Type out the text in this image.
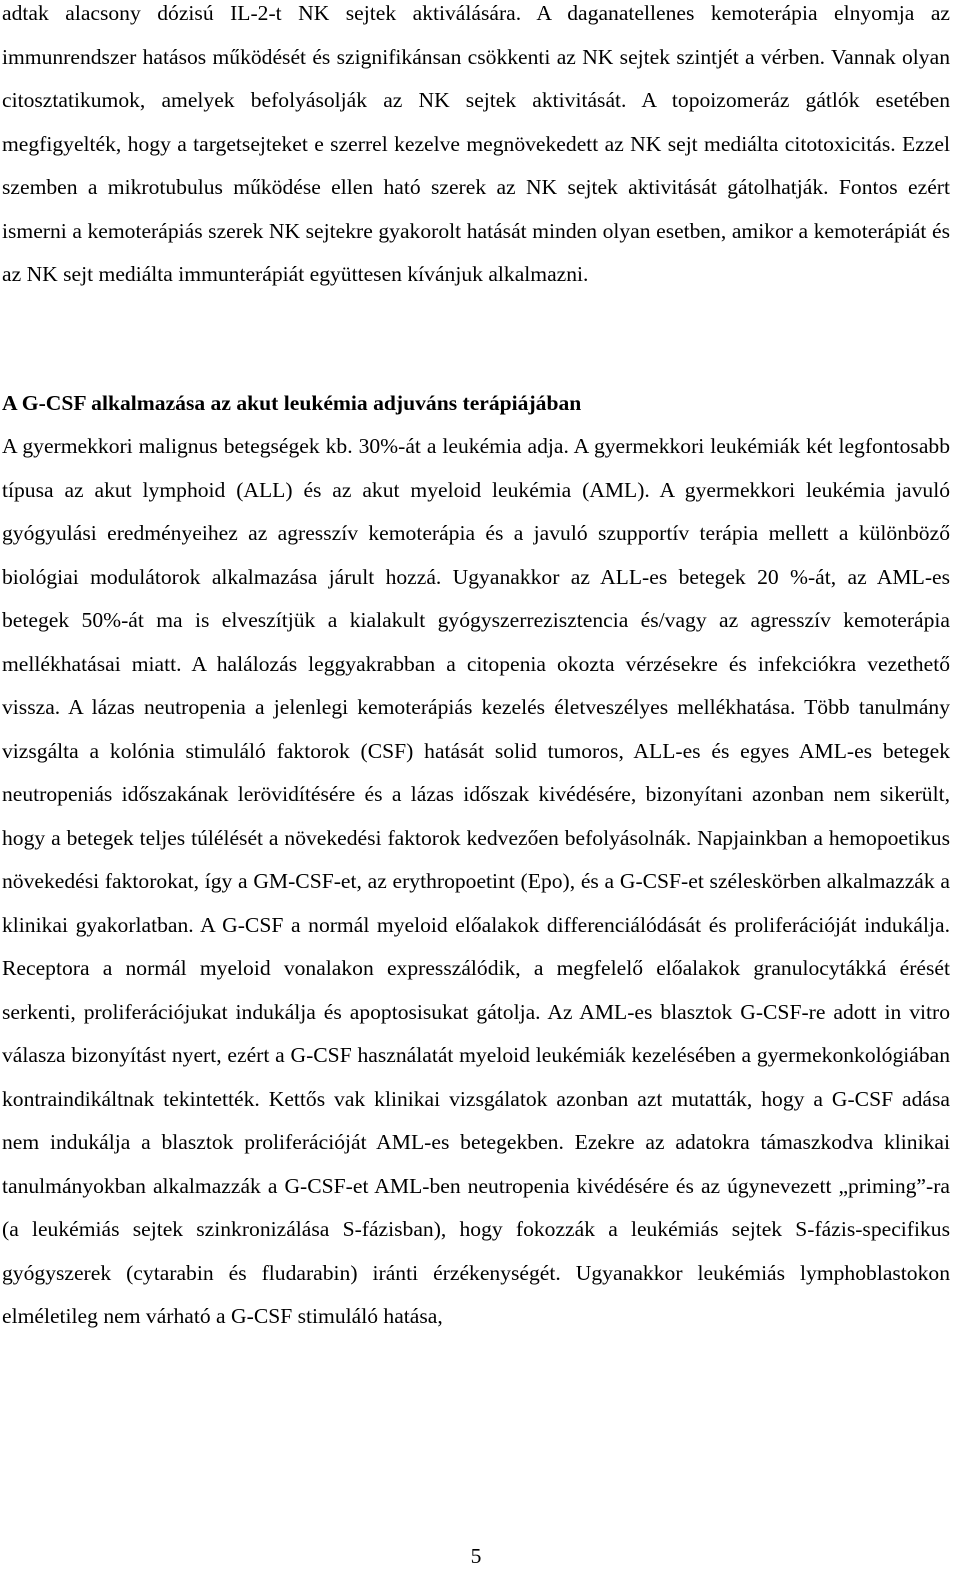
adtak alacsony dózisú IL-2-t NK sejtek aktiválására. A daganatellenes kemoterápia elnyomja az immunrendszer hatásos működését és szignifikánsan csökkenti az NK sejtek szintjét a vérben. Vannak olyan citosztatikumok, amelyek befolyásolják az NK sejtek aktivitását. A topoizomeráz gátlók esetében megfigyelték, hogy a targetsejteket e szerrel kezelve megnövekedett az NK sejt mediálta citotoxicitás. Ezzel szemben a mikrotubulus működése ellen ható szerek az NK sejtek aktivitását gátolhatják. Fontos ezért ismerni a kemoterápiás szerek NK sejtekre gyakorolt hatását minden olyan esetben, amikor a kemoterápiát és az NK sejt mediálta immunterápiát együttesen kívánjuk alkalmazni.

A G-CSF alkalmazása az akut leukémia adjuváns terápiájában

A gyermekkori malignus betegségek kb. 30%-át a leukémia adja. A gyermekkori leukémiák két legfontosabb típusa az akut lymphoid (ALL) és az akut myeloid leukémia (AML). A gyermekkori leukémia javuló gyógyulási eredményeihez az agresszív kemoterápia és a javuló szupportív terápia mellett a különböző biológiai modulátorok alkalmazása járult hozzá. Ugyanakkor az ALL-es betegek 20 %-át, az AML-es betegek 50%-át ma is elveszítjük a kialakult gyógyszerrezisztencia és/vagy az agresszív kemoterápia mellékhatásai miatt. A halálozás leggyakrabban a citopenia okozta vérzésekre és infekciókra vezethető vissza. A lázas neutropenia a jelenlegi kemoterápiás kezelés életveszélyes mellékhatása. Több tanulmány vizsgálta a kolónia stimuláló faktorok (CSF) hatását solid tumoros, ALL-es és egyes AML-es betegek neutropeniás időszakának lerövidítésére és a lázas időszak kivédésére, bizonyítani azonban nem sikerült, hogy a betegek teljes túlélését a növekedési faktorok kedvezően befolyásolnák. Napjainkban a hemopoetikus növekedési faktorokat, így a GM-CSF-et, az erythropoetint (Epo), és a G-CSF-et széleskörben alkalmazzák a klinikai gyakorlatban. A G-CSF a normál myeloid előalakok differenciálódását és proliferációját indukálja. Receptora a normál myeloid vonalakon expresszálódik, a megfelelő előalakok granulocytákká érését serkenti, proliferációjukat indukálja és apoptosisukat gátolja. Az AML-es blasztok G-CSF-re adott in vitro válasza bizonyítást nyert, ezért a G-CSF használatát myeloid leukémiák kezelésében a gyermekonkológiában kontraindikáltnak tekintették. Kettős vak klinikai vizsgálatok azonban azt mutatták, hogy a G-CSF adása nem indukálja a blasztok proliferációját AML-es betegekben. Ezekre az adatokra támaszkodva klinikai tanulmányokban alkalmazzák a G-CSF-et AML-ben neutropenia kivédésére és az úgynevezett „priming”-ra (a leukémiás sejtek szinkronizálása S-fázisban), hogy fokozzák a leukémiás sejtek S-fázis-specifikus gyógyszerek (cytarabin és fludarabin) iránti érzékenységét. Ugyanakkor leukémiás lymphoblastokon elméletileg nem várható a G-CSF stimuláló hatása,

5
